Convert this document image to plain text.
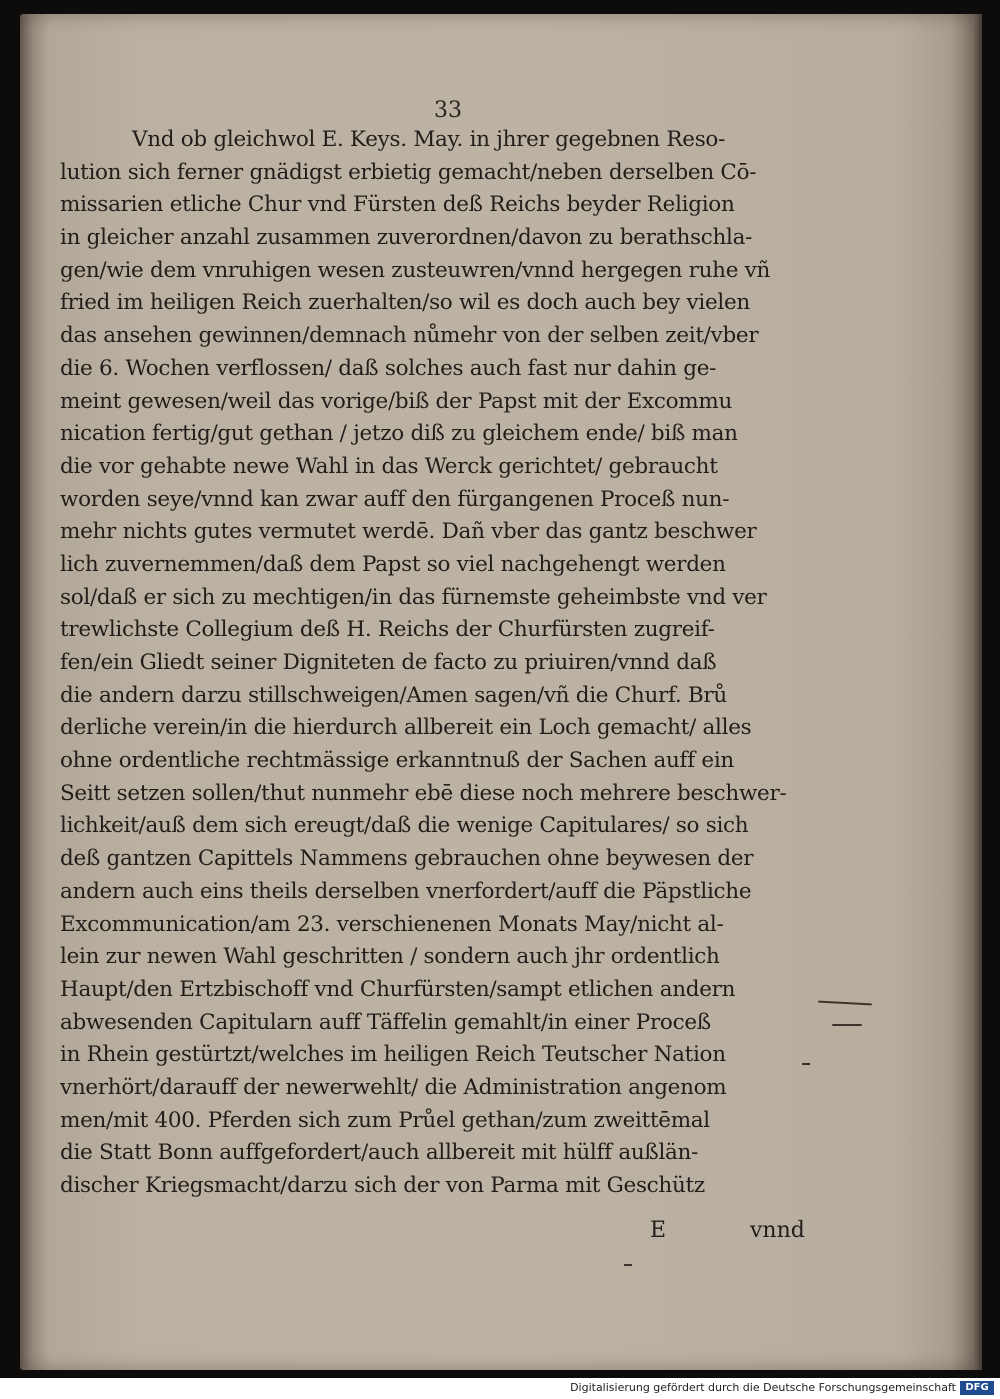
33
Vnd ob gleichwol E. Keys. May. in jhrer gegebnen Reso-
lution sich ferner gnädigst erbietig gemacht/neben derselben Cō-
missarien etliche Chur vnd Fürsten deß Reichs beyder Religion
in gleicher anzahl zusammen zuverordnen/davon zu berathschla-
gen/wie dem vnruhigen wesen zusteuwren/vnnd hergegen ruhe vñ
fried im heiligen Reich zuerhalten/so wil es doch auch bey vielen
das ansehen gewinnen/demnach nůmehr von der selben zeit/vber
die 6. Wochen verflossen/ daß solches auch fast nur dahin ge-
meint gewesen/weil das vorige/biß der Papst mit der Excommu
nication fertig/gut gethan / jetzo diß zu gleichem ende/ biß man
die vor gehabte newe Wahl in das Werck gerichtet/ gebraucht
worden seye/vnnd kan zwar auff den fürgangenen Proceß nun-
mehr nichts gutes vermutet werdē. Dañ vber das gantz beschwer
lich zuvernemmen/daß dem Papst so viel nachgehengt werden
sol/daß er sich zu mechtigen/in das fürnemste geheimbste vnd ver
trewlichste Collegium deß H. Reichs der Churfürsten zugreif-
fen/ein Gliedt seiner Digniteten de facto zu priuiren/vnnd daß
die andern darzu stillschweigen/Amen sagen/vñ die Churf. Brů
derliche verein/in die hierdurch allbereit ein Loch gemacht/ alles
ohne ordentliche rechtmässige erkanntnuß der Sachen auff ein
Seitt setzen sollen/thut nunmehr ebē diese noch mehrere beschwer-
lichkeit/auß dem sich ereugt/daß die wenige Capitulares/ so sich
deß gantzen Capittels Nammens gebrauchen ohne beywesen der
andern auch eins theils derselben vnerfordert/auff die Päpstliche
Excommunication/am 23. verschienenen Monats May/nicht al-
lein zur newen Wahl geschritten / sondern auch jhr ordentlich
Haupt/den Ertzbischoff vnd Churfürsten/sampt etlichen andern
abwesenden Capitularn auff Täffelin gemahlt/in einer Proceß
in Rhein gestürtzt/welches im heiligen Reich Teutscher Nation
vnerhört/darauff der newerwehlt/ die Administration angenom
men/mit 400. Pferden sich zum Průel gethan/zum zweittēmal
die Statt Bonn auffgefordert/auch allbereit mit hülff außlän-
discher Kriegsmacht/darzu sich der von Parma mit Geschütz
E	vnnd
Digitalisierung gefördert durch die Deutsche Forschungsgemeinschaft DFG
